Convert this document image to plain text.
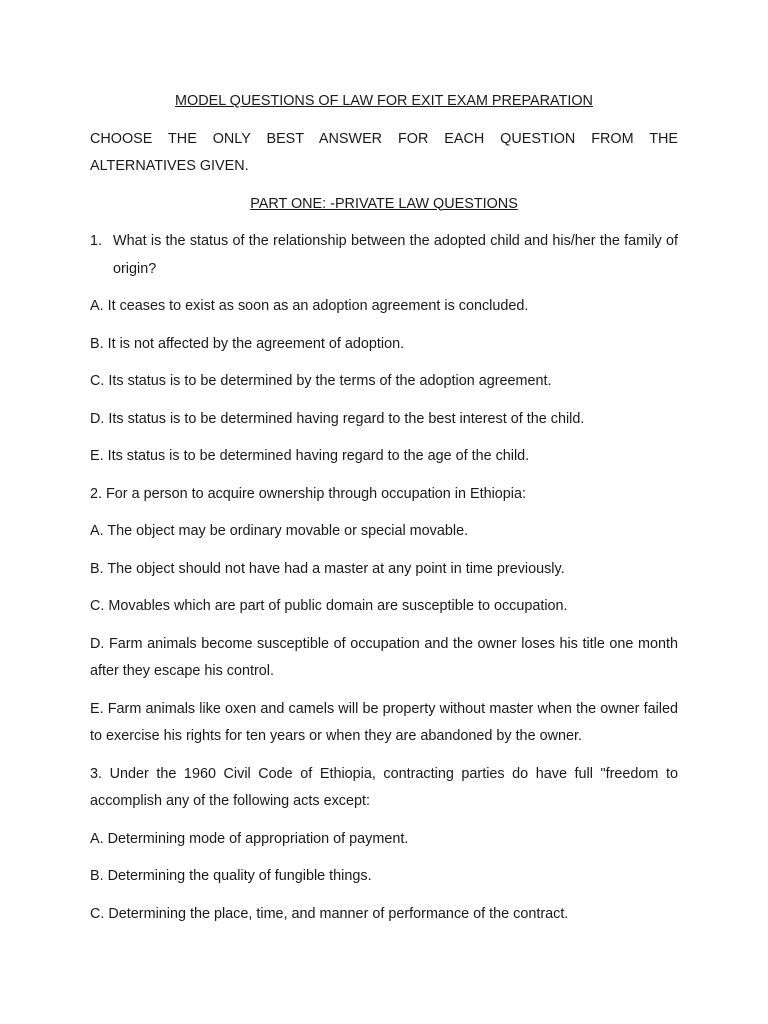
MODEL QUESTIONS OF LAW FOR EXIT EXAM PREPARATION
CHOOSE THE ONLY BEST ANSWER FOR EACH QUESTION FROM THE ALTERNATIVES GIVEN.
PART ONE: -PRIVATE LAW QUESTIONS
1. What is the status of the relationship between the adopted child and his/her the family of origin?
A. It ceases to exist as soon as an adoption agreement is concluded.
B. It is not affected by the agreement of adoption.
C. Its status is to be determined by the terms of the adoption agreement.
D. Its status is to be determined having regard to the best interest of the child.
E. Its status is to be determined having regard to the age of the child.
2. For a person to acquire ownership through occupation in Ethiopia:
A. The object may be ordinary movable or special movable.
B. The object should not have had a master at any point in time previously.
C. Movables which are part of public domain are susceptible to occupation.
D. Farm animals become susceptible of occupation and the owner loses his title one month after they escape his control.
E. Farm animals like oxen and camels will be property without master when the owner failed to exercise his rights for ten years or when they are abandoned by the owner.
3. Under the 1960 Civil Code of Ethiopia, contracting parties do have full "freedom to accomplish any of the following acts except:
A. Determining mode of appropriation of payment.
B. Determining the quality of fungible things.
C. Determining the place, time, and manner of performance of the contract.
